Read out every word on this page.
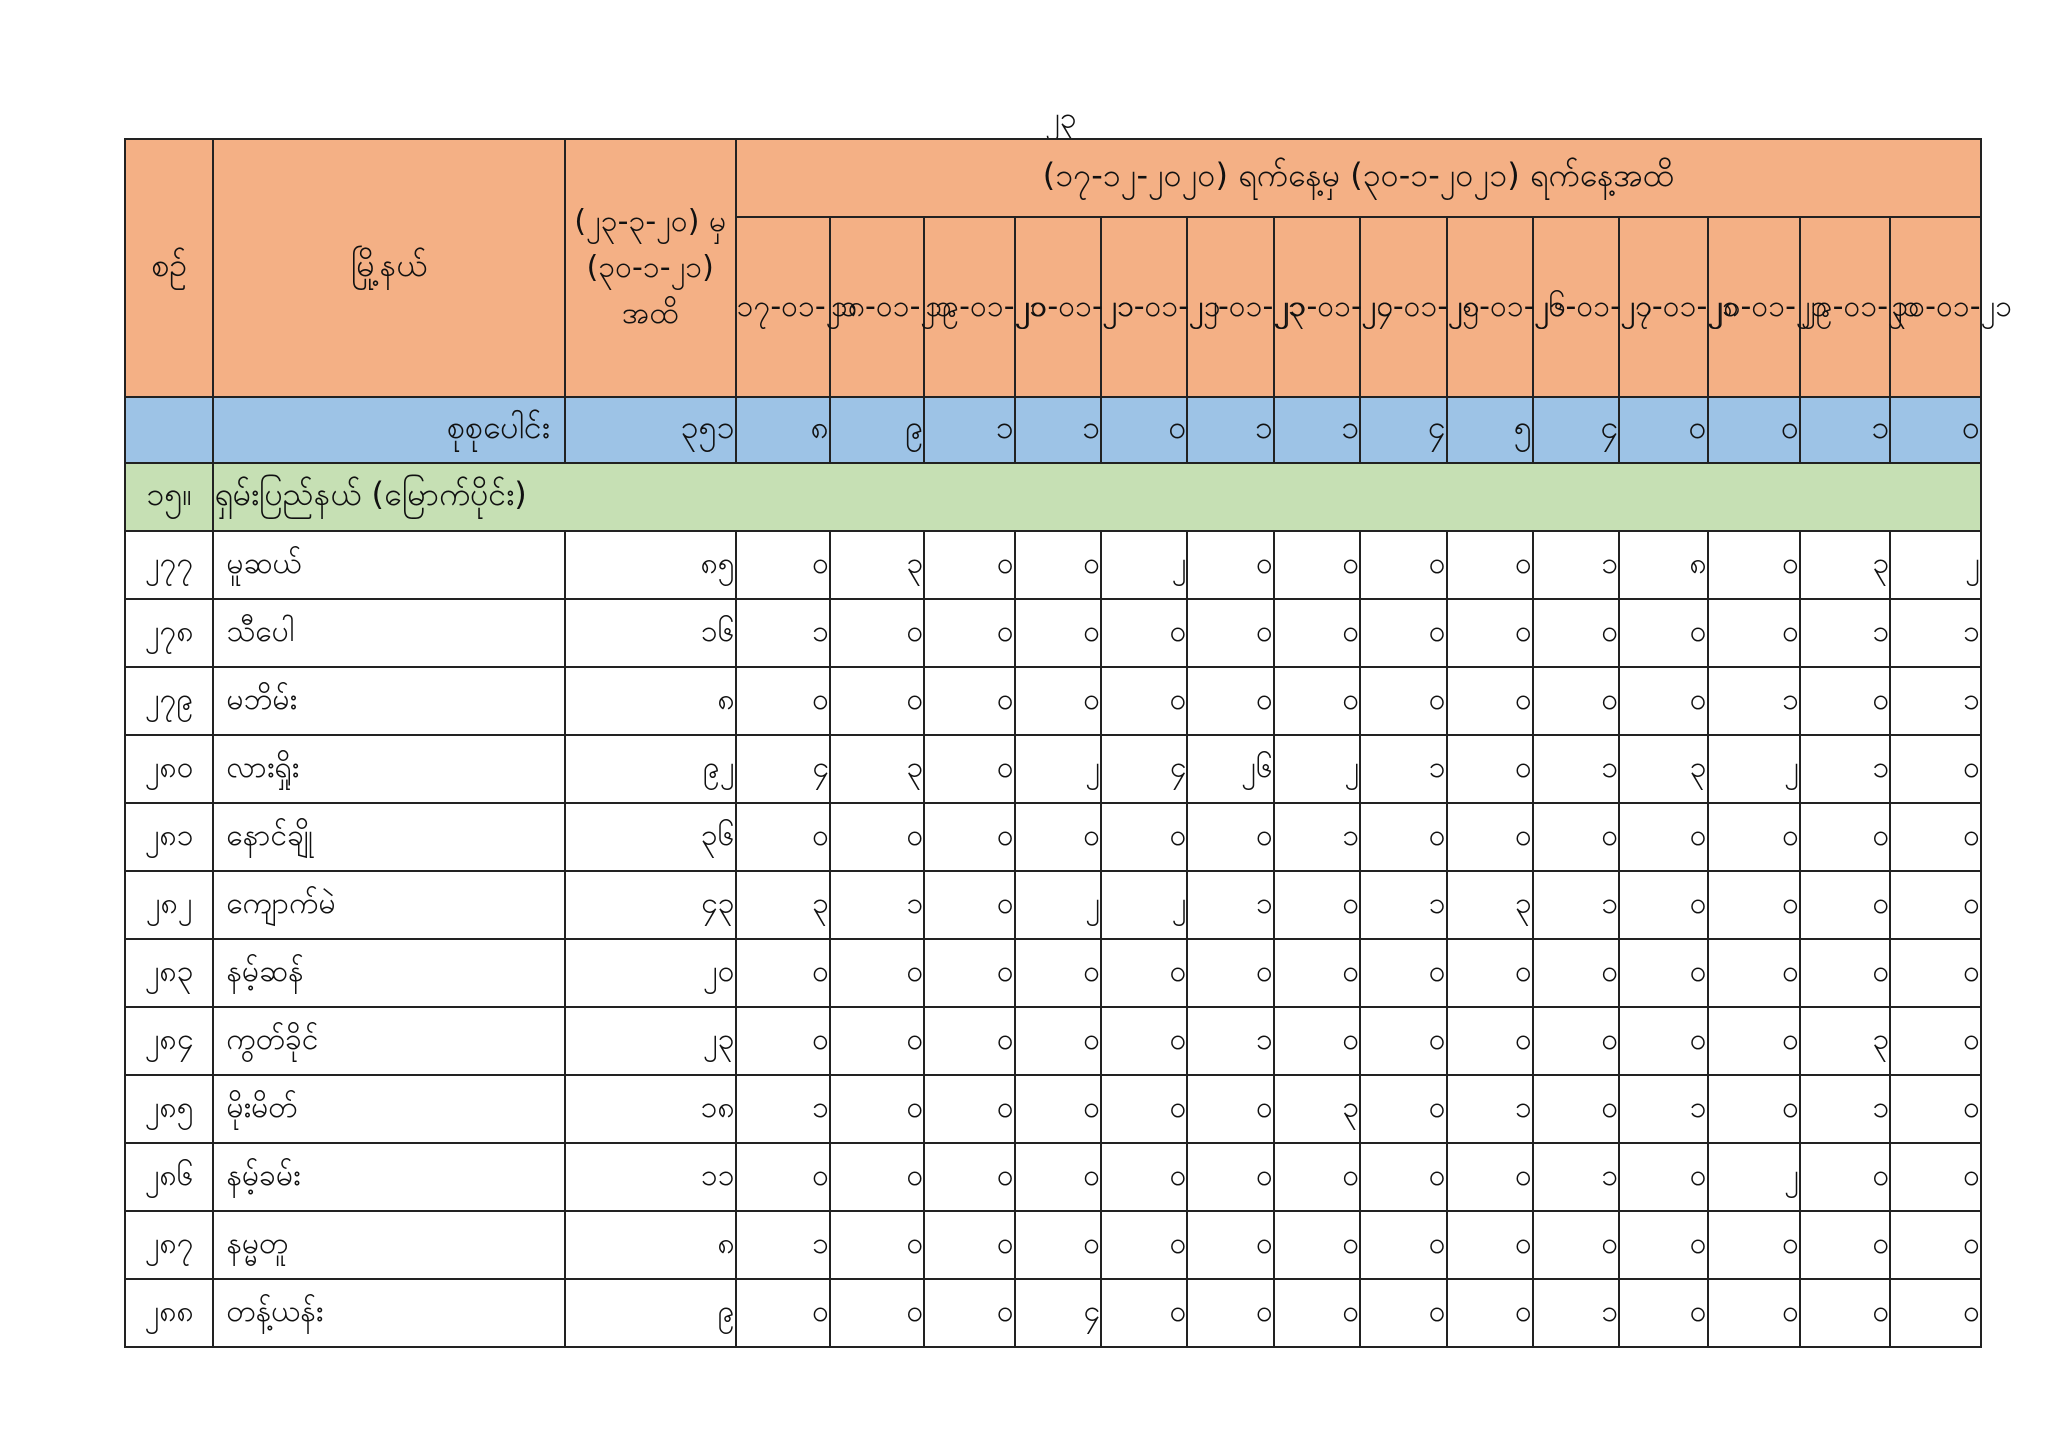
၂၃
စဉ်	မြို့နယ်	(၂၃-၃-၂၀) မှ (၃၀-၁-၂၁) အထိ	(၁၇-၁၂-၂၀၂၀) ရက်နေ့မှ (၃၀-၁-၂၀၂၁) ရက်နေ့အထိ													
			၁၇-၀၁-၂၁	၁၈-၀၁-၂၁	၁၉-၀၁-၂၁	၂၀-၀၁-၂၁	၂၁-၀၁-၂၁	၂၂-၀၁-၂၁	၂၃-၀၁-၂၁	၂၄-၀၁-၂၁	၂၅-၀၁-၂၁	၂၆-၀၁-၂၁	၂၇-၀၁-၂၁	၂၈-၀၁-၂၁	၂၉-၀၁-၂၁	၃၀-၀၁-၂၁
	စုစုပေါင်း	၃၅၁	၈	၉	၁	၁	၀	၁	၁	၄	၅	၄	၀	၀	၁	၀
၁၅။	ရှမ်းပြည်နယ် (မြောက်ပိုင်း)															
၂၇၇	မူဆယ်	၈၅	၀	၃	၀	၀	၂	၀	၀	၀	၀	၁	၈	၀	၃	၂
၂၇၈	သီပေါ	၁၆	၁	၀	၀	၀	၀	၀	၀	၀	၀	၀	၀	၀	၁	၁
၂၇၉	မဘိမ်း	၈	၀	၀	၀	၀	၀	၀	၀	၀	၀	၀	၀	၁	၀	၁
၂၈၀	လားရှိုး	၉၂	၄	၃	၀	၂	၄	၂၆	၂	၁	၀	၁	၃	၂	၁	၀
၂၈၁	နောင်ချို	၃၆	၀	၀	၀	၀	၀	၀	၁	၀	၀	၀	၀	၀	၀	၀
၂၈၂	ကျောက်မဲ	၄၃	၃	၁	၀	၂	၂	၁	၀	၁	၃	၁	၀	၀	၀	၀
၂၈၃	နမ့်ဆန်	၂၀	၀	၀	၀	၀	၀	၀	၀	၀	၀	၀	၀	၀	၀	၀
၂၈၄	ကွတ်ခိုင်	၂၃	၀	၀	၀	၀	၀	၁	၀	၀	၀	၀	၀	၀	၃	၀
၂၈၅	မိုးမိတ်	၁၈	၁	၀	၀	၀	၀	၀	၃	၀	၁	၀	၁	၀	၁	၀
၂၈၆	နမ့်ခမ်း	၁၁	၀	၀	၀	၀	၀	၀	၀	၀	၀	၁	၀	၂	၀	၀
၂၈၇	နမ္မတူ	၈	၁	၀	၀	၀	၀	၀	၀	၀	၀	၀	၀	၀	၀	၀
၂၈၈	တန့်ယန်း	၉	၀	၀	၀	၄	၀	၀	၀	၀	၀	၁	၀	၀	၀	၀
